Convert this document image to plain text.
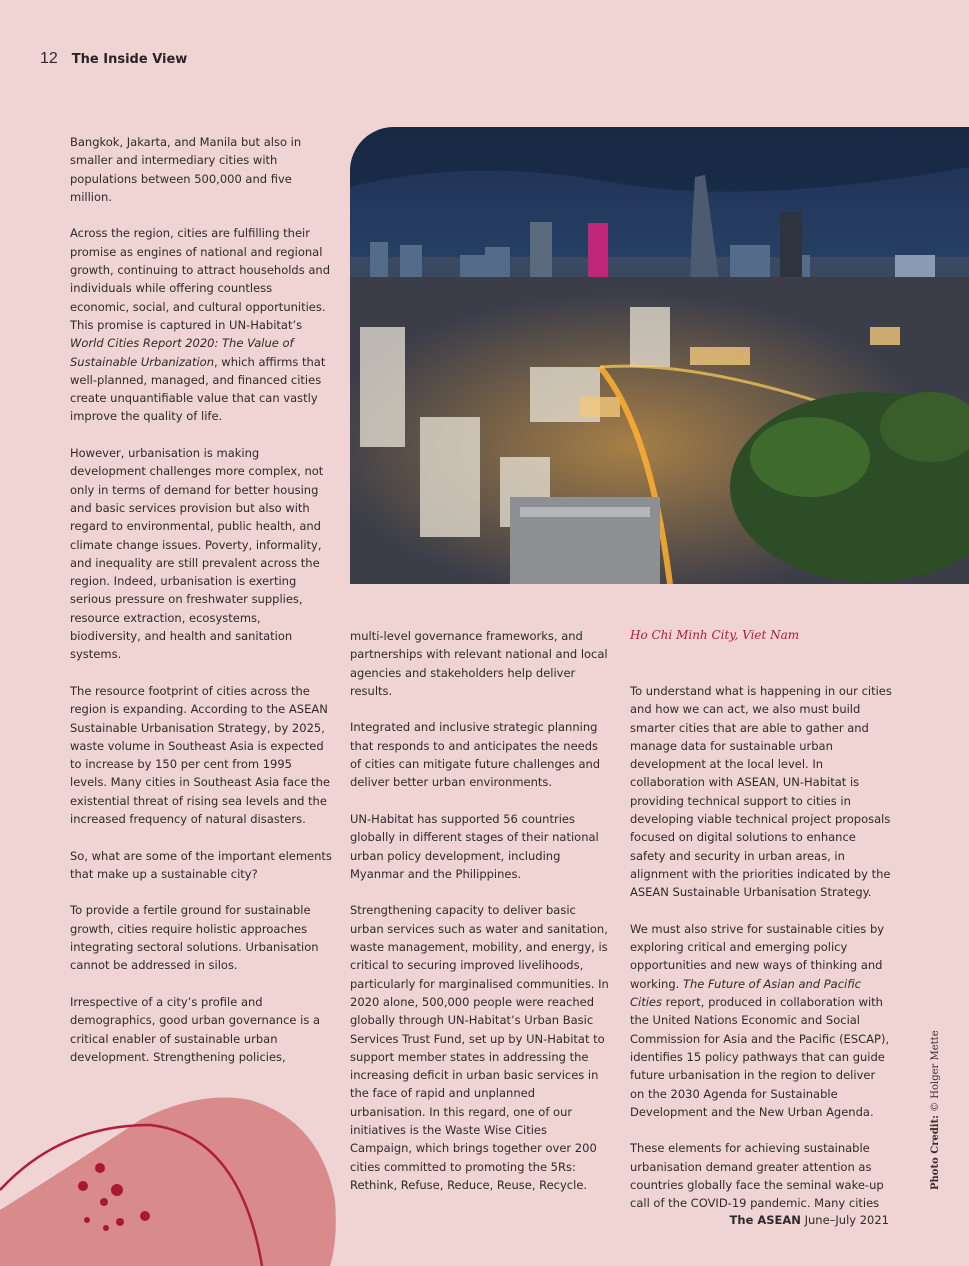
12 The Inside View

Bangkok, Jakarta, and Manila but also in smaller and intermediary cities with populations between 500,000 and five million.

Across the region, cities are fulfilling their promise as engines of national and regional growth, continuing to attract households and individuals while offering countless economic, social, and cultural opportunities. This promise is captured in UN-Habitat’s World Cities Report 2020: The Value of Sustainable Urbanization, which affirms that well-planned, managed, and financed cities create unquantifiable value that can vastly improve the quality of life.

However, urbanisation is making development challenges more complex, not only in terms of demand for better housing and basic services provision but also with regard to environmental, public health, and climate change issues. Poverty, informality, and inequality are still prevalent across the region. Indeed, urbanisation is exerting serious pressure on freshwater supplies, resource extraction, ecosystems, biodiversity, and health and sanitation systems.

The resource footprint of cities across the region is expanding. According to the ASEAN Sustainable Urbanisation Strategy, by 2025, waste volume in Southeast Asia is expected to increase by 150 per cent from 1995 levels. Many cities in Southeast Asia face the existential threat of rising sea levels and the increased frequency of natural disasters.

So, what are some of the important elements that make up a sustainable city?

To provide a fertile ground for sustainable growth, cities require holistic approaches integrating sectoral solutions. Urbanisation cannot be addressed in silos.

Irrespective of a city’s profile and demographics, good urban governance is a critical enabler of sustainable urban development. Strengthening policies,

multi-level governance frameworks, and partnerships with relevant national and local agencies and stakeholders help deliver results.

Integrated and inclusive strategic planning that responds to and anticipates the needs of cities can mitigate future challenges and deliver better urban environments.

UN-Habitat has supported 56 countries globally in different stages of their national urban policy development, including Myanmar and the Philippines.

Strengthening capacity to deliver basic urban services such as water and sanitation, waste management, mobility, and energy, is critical to securing improved livelihoods, particularly for marginalised communities. In 2020 alone, 500,000 people were reached globally through UN-Habitat’s Urban Basic Services Trust Fund, set up by UN-Habitat to support member states in addressing the increasing deficit in urban basic services in the face of rapid and unplanned urbanisation. In this regard, one of our initiatives is the Waste Wise Cities Campaign, which brings together over 200 cities committed to promoting the 5Rs: Rethink, Refuse, Reduce, Reuse, Recycle.

Ho Chi Minh City, Viet Nam

To understand what is happening in our cities and how we can act, we also must build smarter cities that are able to gather and manage data for sustainable urban development at the local level. In collaboration with ASEAN, UN-Habitat is providing technical support to cities in developing viable technical project proposals focused on digital solutions to enhance safety and security in urban areas, in alignment with the priorities indicated by the ASEAN Sustainable Urbanisation Strategy.

We must also strive for sustainable cities by exploring critical and emerging policy opportunities and new ways of thinking and working. The Future of Asian and Pacific Cities report, produced in collaboration with the United Nations Economic and Social Commission for Asia and the Pacific (ESCAP), identifies 15 policy pathways that can guide future urbanisation in the region to deliver on the 2030 Agenda for Sustainable Development and the New Urban Agenda.

These elements for achieving sustainable urbanisation demand greater attention as countries globally face the seminal wake-up call of the COVID-19 pandemic. Many cities

Photo Credit: © Holger Mette
The ASEAN June–July 2021
